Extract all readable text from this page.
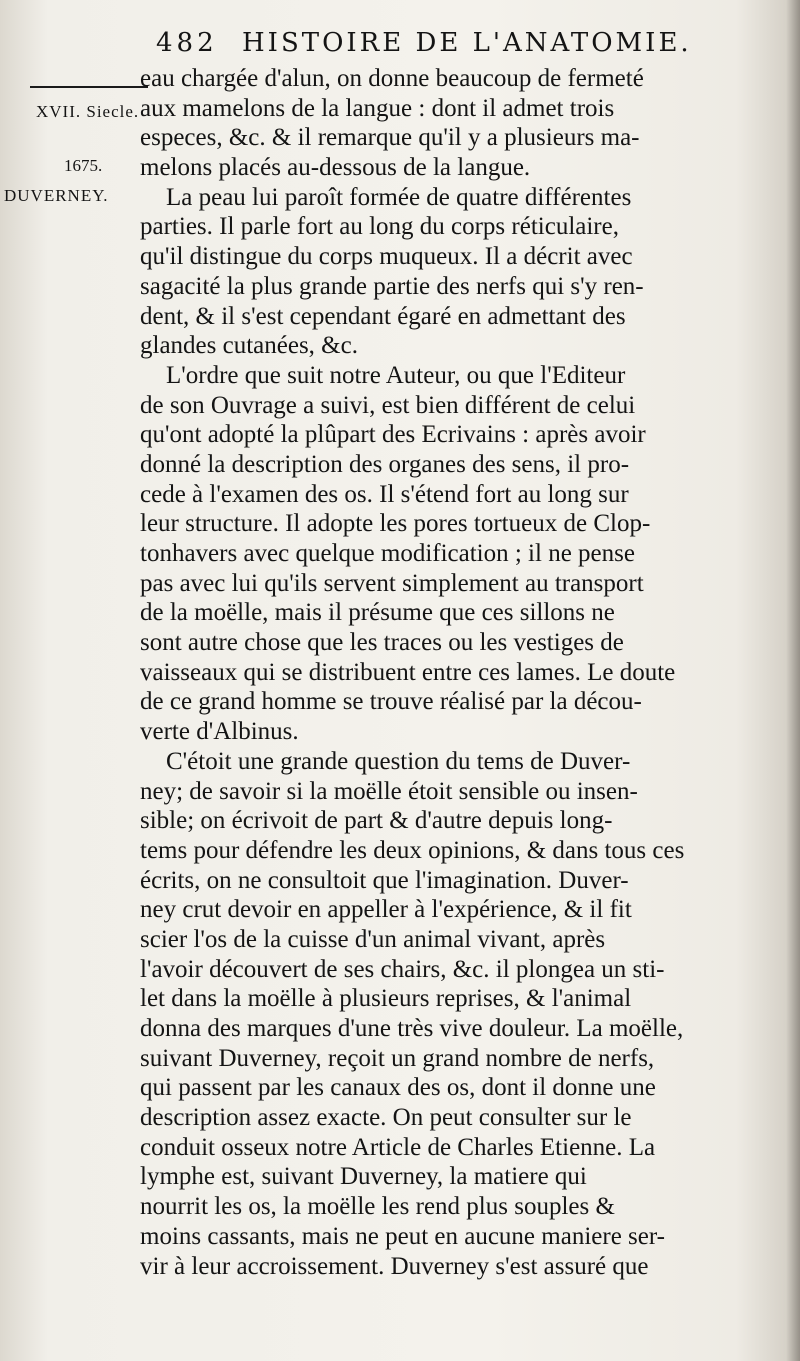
482 HISTOIRE DE L'ANATOMIE.
XVII. Siecle.
1675.
DUVERNEY.
eau chargée d'alun, on donne beaucoup de fermeté
aux mamelons de la langue : dont il admet trois
especes, &c. & il remarque qu'il y a plusieurs ma-
melons placés au-dessous de la langue.
La peau lui paroît formée de quatre différentes
parties. Il parle fort au long du corps réticulaire,
qu'il distingue du corps muqueux. Il a décrit avec
sagacité la plus grande partie des nerfs qui s'y ren-
dent, & il s'est cependant égaré en admettant des
glandes cutanées, &c.
L'ordre que suit notre Auteur, ou que l'Editeur
de son Ouvrage a suivi, est bien différent de celui
qu'ont adopté la plûpart des Ecrivains : après avoir
donné la description des organes des sens, il pro-
cede à l'examen des os. Il s'étend fort au long sur
leur structure. Il adopte les pores tortueux de Clop-
tonhavers avec quelque modification ; il ne pense
pas avec lui qu'ils servent simplement au transport
de la moëlle, mais il présume que ces sillons ne
sont autre chose que les traces ou les vestiges de
vaisseaux qui se distribuent entre ces lames. Le doute
de ce grand homme se trouve réalisé par la décou-
verte d'Albinus.
C'étoit une grande question du tems de Duver-
ney; de savoir si la moëlle étoit sensible ou insen-
sible; on écrivoit de part & d'autre depuis long-
tems pour défendre les deux opinions, & dans tous ces
écrits, on ne consultoit que l'imagination. Duver-
ney crut devoir en appeller à l'expérience, & il fit
scier l'os de la cuisse d'un animal vivant, après
l'avoir découvert de ses chairs, &c. il plongea un sti-
let dans la moëlle à plusieurs reprises, & l'animal
donna des marques d'une très vive douleur. La moëlle,
suivant Duverney, reçoit un grand nombre de nerfs,
qui passent par les canaux des os, dont il donne une
description assez exacte. On peut consulter sur le
conduit osseux notre Article de Charles Etienne. La
lymphe est, suivant Duverney, la matiere qui
nourrit les os, la moëlle les rend plus souples &
moins cassants, mais ne peut en aucune maniere ser-
vir à leur accroissement. Duverney s'est assuré que
